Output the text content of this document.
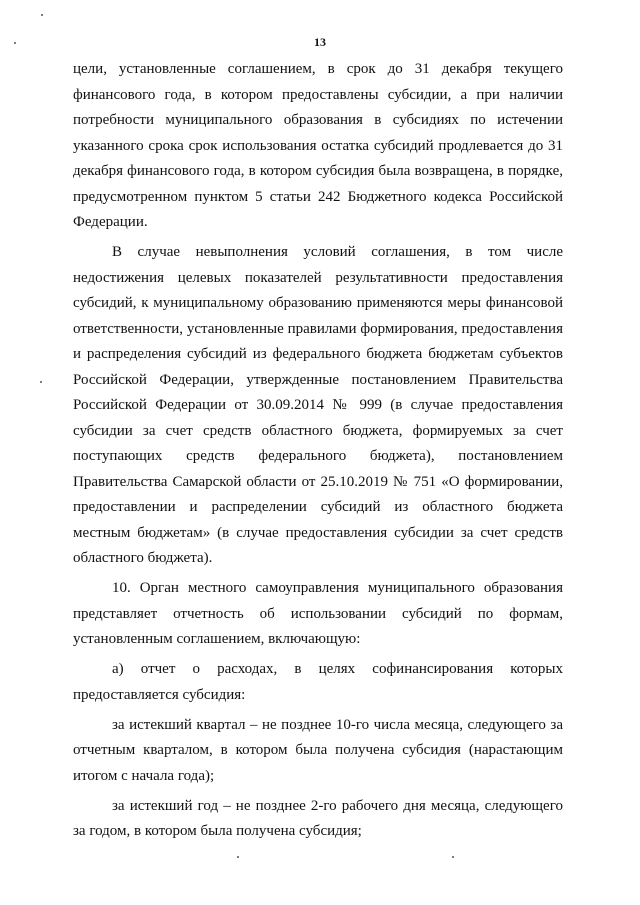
13

цели, установленные соглашением, в срок до 31 декабря текущего финансового года, в котором предоставлены субсидии, а при наличии потребности муниципального образования в субсидиях по истечении указанного срока срок использования остатка субсидий продлевается до 31 декабря финансового года, в котором субсидия была возвращена, в порядке, предусмотренном пунктом 5 статьи 242 Бюджетного кодекса Российской Федерации.

В случае невыполнения условий соглашения, в том числе недостижения целевых показателей результативности предоставления субсидий, к муниципальному образованию применяются меры финансовой ответственности, установленные правилами формирования, предоставления и распределения субсидий из федерального бюджета бюджетам субъектов Российской Федерации, утвержденные постановлением Правительства Российской Федерации от 30.09.2014 № 999 (в случае предоставления субсидии за счет средств областного бюджета, формируемых за счет поступающих средств федерального бюджета), постановлением Правительства Самарской области от 25.10.2019 № 751 «О формировании, предоставлении и распределении субсидий из областного бюджета местным бюджетам» (в случае предоставления субсидии за счет средств областного бюджета).

10. Орган местного самоуправления муниципального образования представляет отчетность об использовании субсидий по формам, установленным соглашением, включающую:

а) отчет о расходах, в целях софинансирования которых предоставляется субсидия:

за истекший квартал – не позднее 10-го числа месяца, следующего за отчетным кварталом, в котором была получена субсидия (нарастающим итогом с начала года);

за истекший год – не позднее 2-го рабочего дня месяца, следующего за годом, в котором была получена субсидия;
